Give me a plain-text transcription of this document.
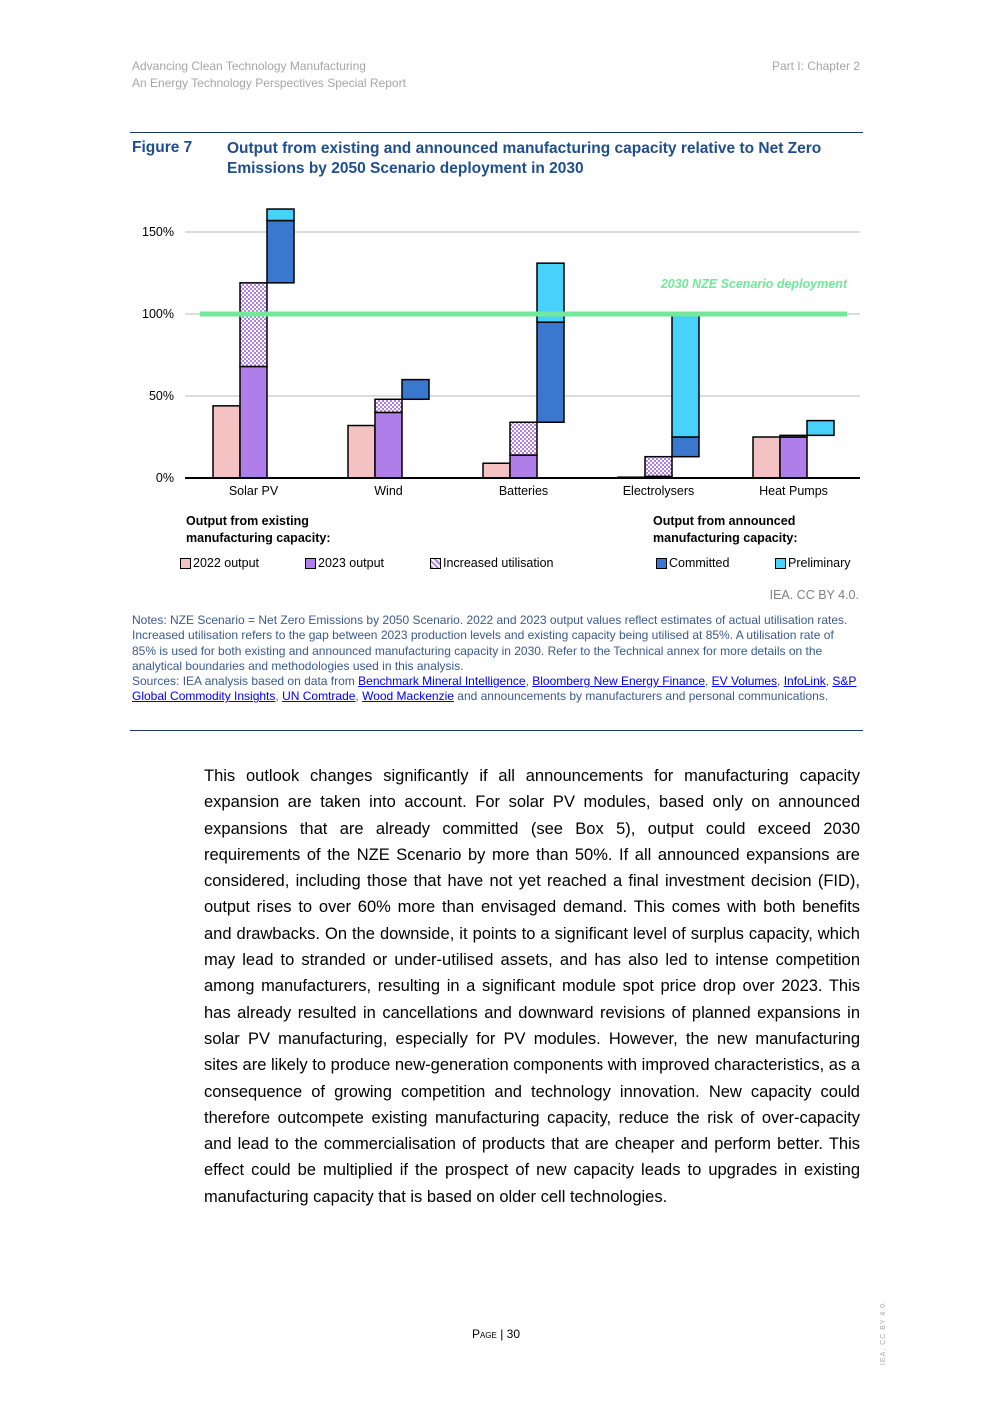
Advancing Clean Technology Manufacturing
An Energy Technology Perspectives Special Report
Part I: Chapter 2
Figure 7 Output from existing and announced manufacturing capacity relative to Net Zero Emissions by 2050 Scenario deployment in 2030
2030 NZE Scenario deployment
150%
100%
50%
0%
Solar PV	Wind	Batteries	Electrolysers	Heat Pumps
Output from existing manufacturing capacity:
Output from announced manufacturing capacity:
2022 output	2023 output	Increased utilisation	Committed	Preliminary
IEA. CC BY 4.0.
Notes: NZE Scenario = Net Zero Emissions by 2050 Scenario. 2022 and 2023 output values reflect estimates of actual utilisation rates. Increased utilisation refers to the gap between 2023 production levels and existing capacity being utilised at 85%. A utilisation rate of 85% is used for both existing and announced manufacturing capacity in 2030. Refer to the Technical annex for more details on the analytical boundaries and methodologies used in this analysis.
Sources: IEA analysis based on data from Benchmark Mineral Intelligence, Bloomberg New Energy Finance, EV Volumes, InfoLink, S&P Global Commodity Insights, UN Comtrade, Wood Mackenzie and announcements by manufacturers and personal communications.
This outlook changes significantly if all announcements for manufacturing capacity expansion are taken into account. For solar PV modules, based only on announced expansions that are already committed (see Box 5), output could exceed 2030 requirements of the NZE Scenario by more than 50%. If all announced expansions are considered, including those that have not yet reached a final investment decision (FID), output rises to over 60% more than envisaged demand. This comes with both benefits and drawbacks. On the downside, it points to a significant level of surplus capacity, which may lead to stranded or under-utilised assets, and has also led to intense competition among manufacturers, resulting in a significant module spot price drop over 2023. This has already resulted in cancellations and downward revisions of planned expansions in solar PV manufacturing, especially for PV modules. However, the new manufacturing sites are likely to produce new-generation components with improved characteristics, as a consequence of growing competition and technology innovation. New capacity could therefore outcompete existing manufacturing capacity, reduce the risk of over-capacity and lead to the commercialisation of products that are cheaper and perform better. This effect could be multiplied if the prospect of new capacity leads to upgrades in existing manufacturing capacity that is based on older cell technologies.
Page | 30	IEA. CC BY 4.0.
